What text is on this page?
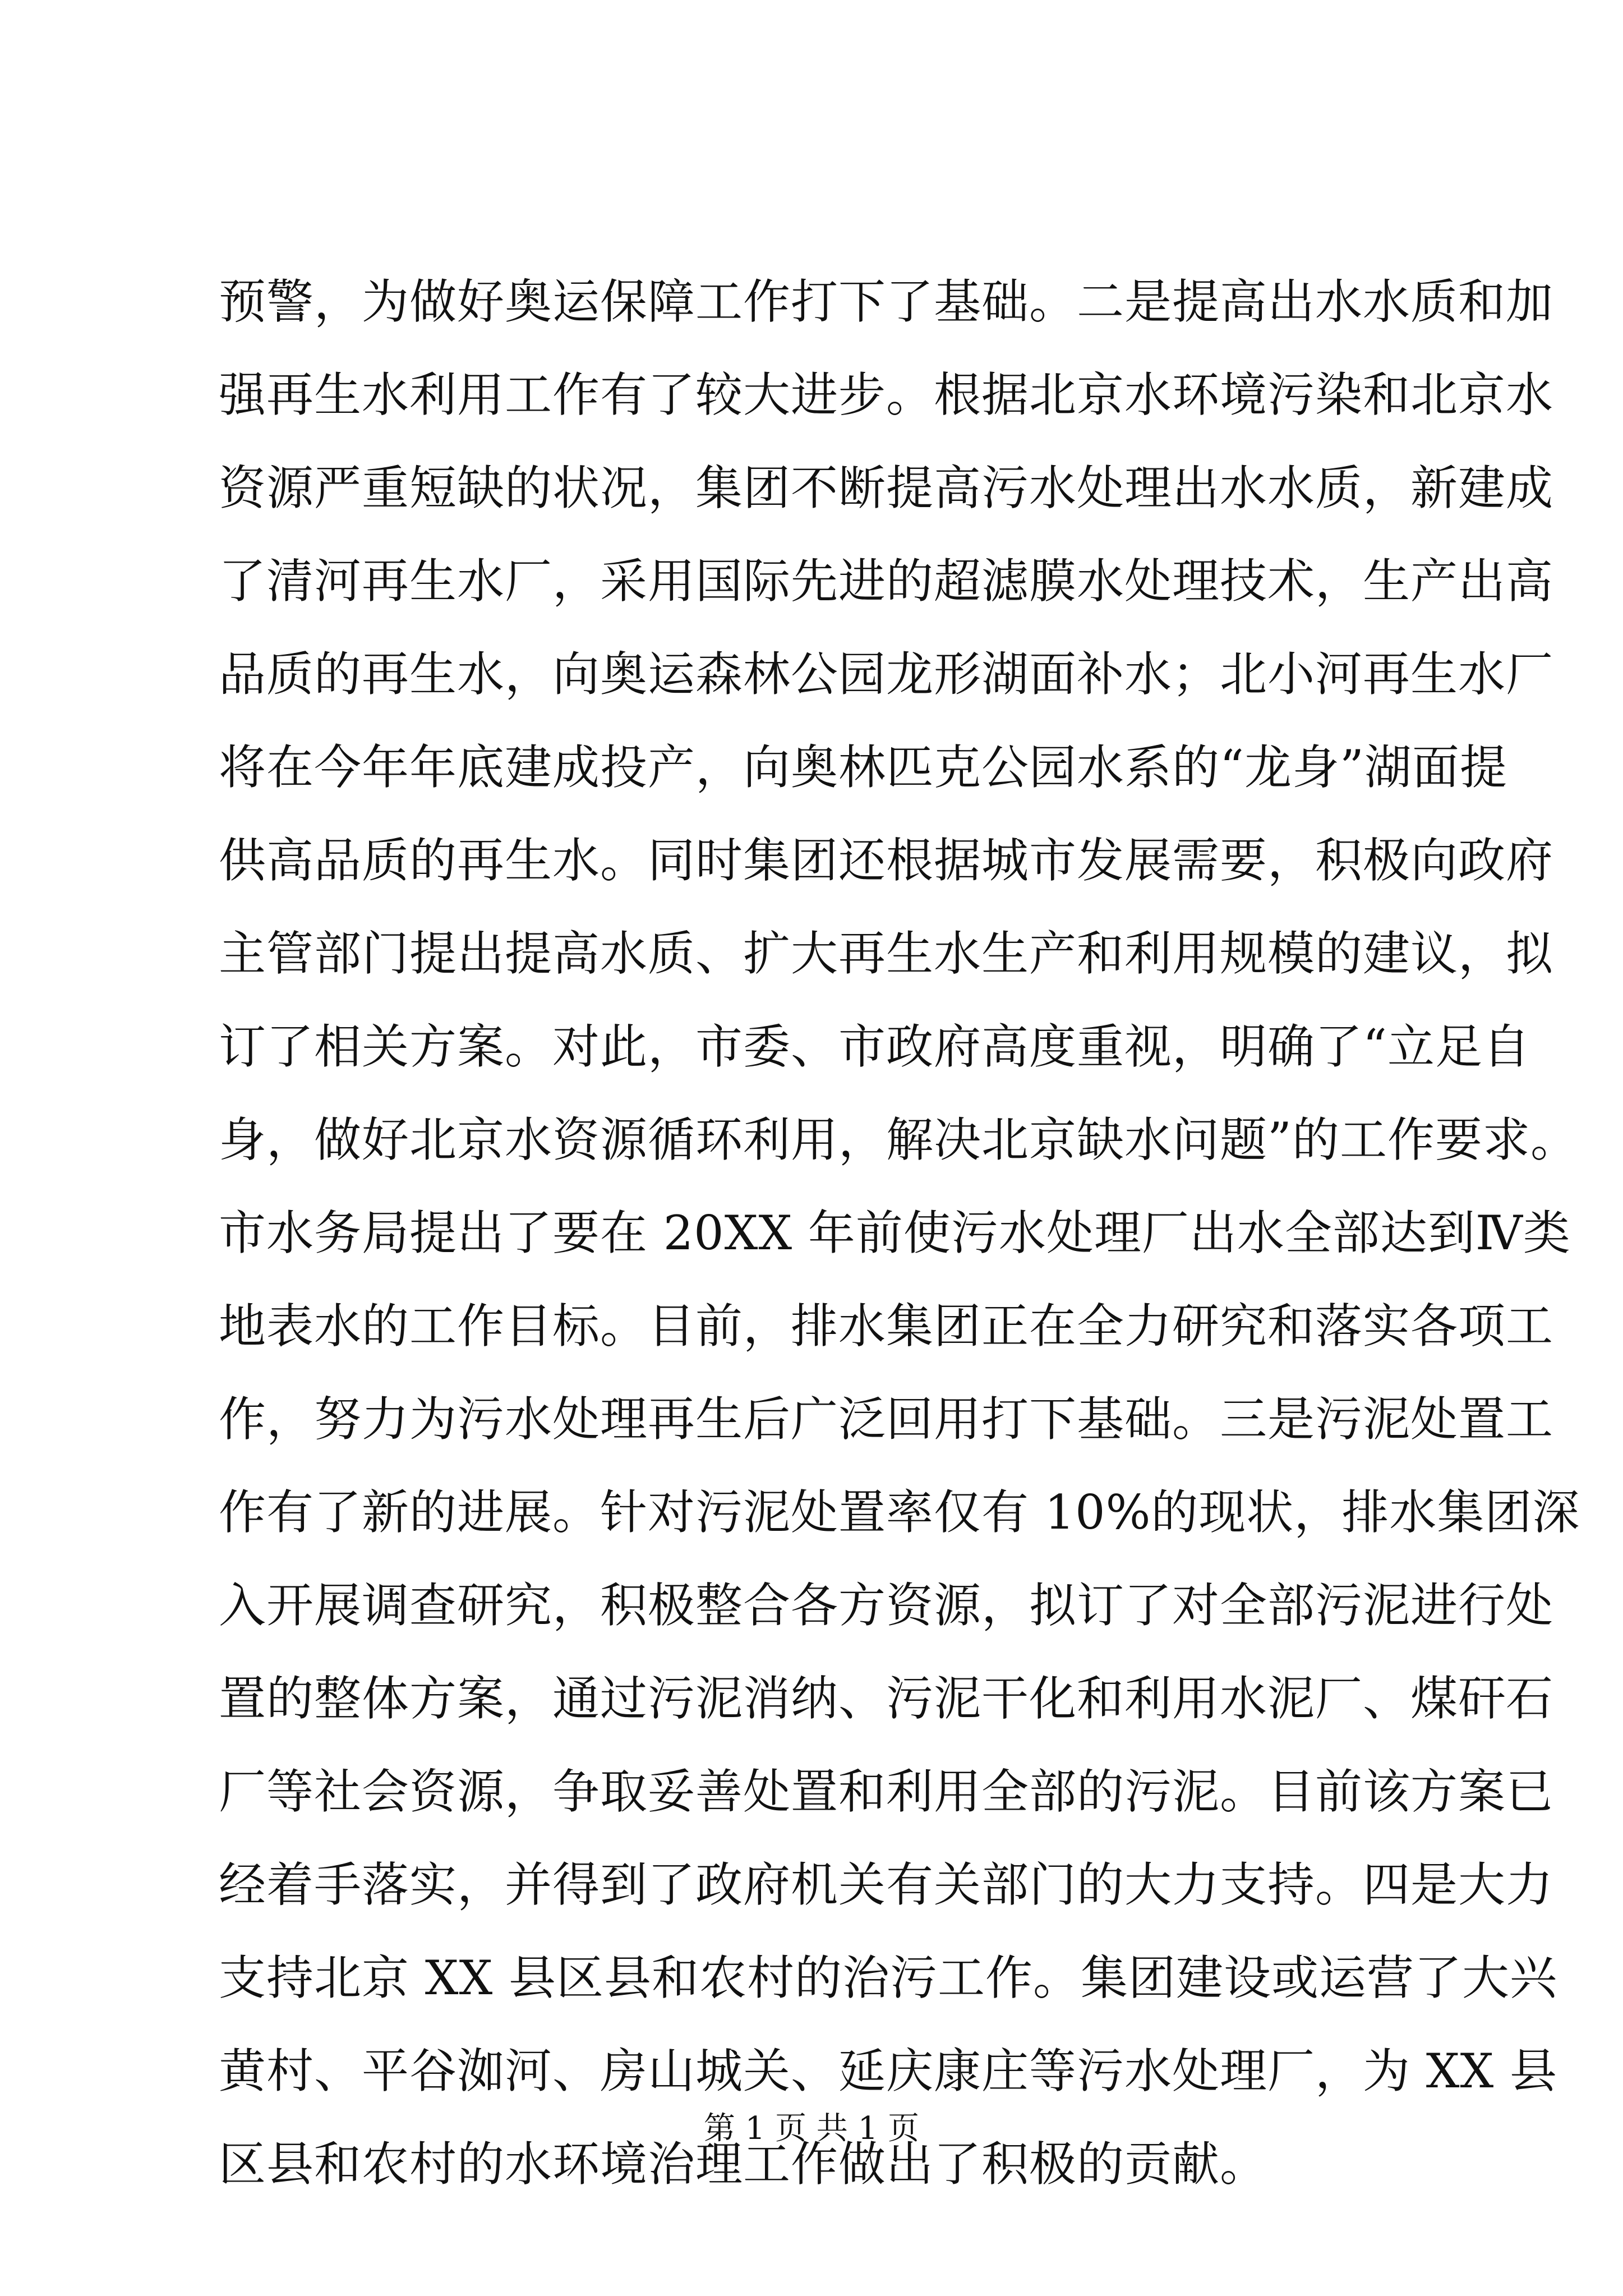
预警，为做好奥运保障工作打下了基础。二是提高出水水质和加
强再生水利用工作有了较大进步。根据北京水环境污染和北京水
资源严重短缺的状况，集团不断提高污水处理出水水质，新建成
了清河再生水厂，采用国际先进的超滤膜水处理技术，生产出高
品质的再生水，向奥运森林公园龙形湖面补水；北小河再生水厂
将在今年年底建成投产，向奥林匹克公园水系的“龙身”湖面提
供高品质的再生水。同时集团还根据城市发展需要，积极向政府
主管部门提出提高水质、扩大再生水生产和利用规模的建议，拟
订了相关方案。对此，市委、市政府高度重视，明确了“立足自
身，做好北京水资源循环利用，解决北京缺水问题”的工作要求。
市水务局提出了要在 20XX 年前使污水处理厂出水全部达到Ⅳ类
地表水的工作目标。目前，排水集团正在全力研究和落实各项工
作，努力为污水处理再生后广泛回用打下基础。三是污泥处置工
作有了新的进展。针对污泥处置率仅有 10%的现状，排水集团深
入开展调查研究，积极整合各方资源，拟订了对全部污泥进行处
置的整体方案，通过污泥消纳、污泥干化和利用水泥厂、煤矸石
厂等社会资源，争取妥善处置和利用全部的污泥。目前该方案已
经着手落实，并得到了政府机关有关部门的大力支持。四是大力
支持北京 XX 县区县和农村的治污工作。集团建设或运营了大兴
黄村、平谷洳河、房山城关、延庆康庄等污水处理厂，为 XX 县
区县和农村的水环境治理工作做出了积极的贡献。
第 1 页 共 1 页
